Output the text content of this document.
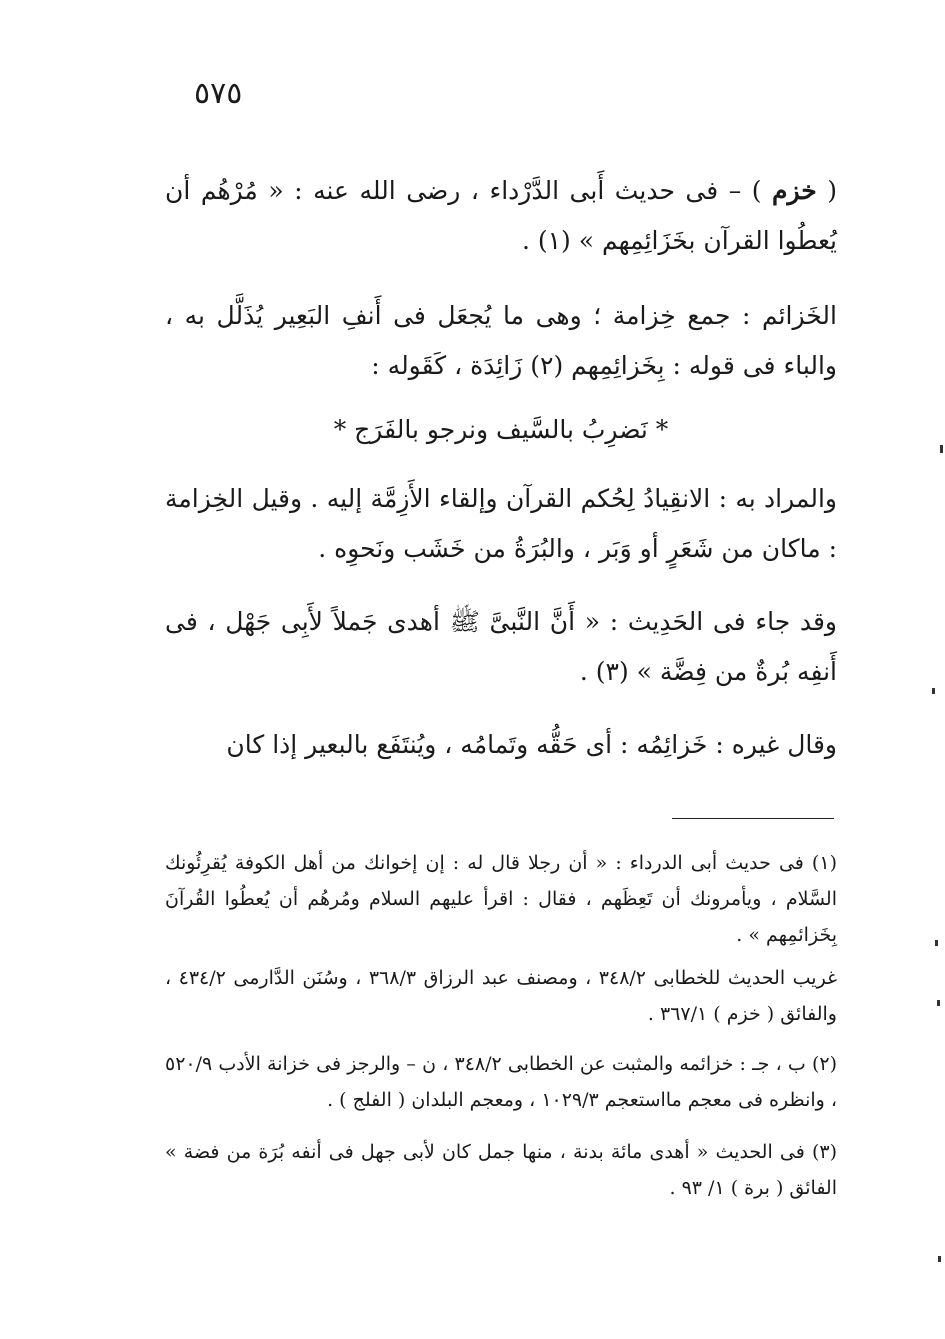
٥٧٥

( خزم ) – فى حديث أَبى الدَّرْداء ، رضى الله عنه : « مُرْهُم أن يُعطُوا القرآن بخَزَائِمِهم » (١) .

الخَزائم : جمع خِزامة ؛ وهى ما يُجعَل فى أَنفِ البَعِير يُذَلَّل به ، والباء فى قوله : بِخَزائِمِهم (٢) زَائِدَة ، كَقَوله :

* نَضرِبُ بالسَّيف ونرجو بالفَرَج *

والمراد به : الانقِيادُ لِحُكم القرآن وإلقاء الأَزِمَّة إليه . وقيل الخِزامة : ماكان من شَعَرٍ أو وَبَر ، والبُرَةُ من خَشَب ونَحوِه .

وقد جاء فى الحَدِيث : « أَنَّ النَّبىَّ ﷺ أهدى جَملاً لأَبِى جَهْل ، فى أَنفِه بُرةٌ من فِضَّة » (٣) .

وقال غيره : خَزائِمُه : أى حَقُّه وتَمامُه ، ويُنتَفَع بالبعير إذا كان

(١) فى حديث أبى الدرداء : « أن رجلا قال له : إن إخوانك من أهل الكوفة يُقرِئُونك السَّلام ، ويأمرونك أن تَعِظَهم ، فقال : اقرأ عليهم السلام ومُرهُم أن يُعطُوا القُرآنَ بِخَزائمِهم » .

غريب الحديث للخطابى ٣٤٨/٢ ، ومصنف عبد الرزاق ٣٦٨/٣ ، وسُنَن الدَّارمى ٤٣٤/٢ ، والفائق ( خزم ) ٣٦٧/١ .

(٢) ب ، جـ : خزائمه والمثبت عن الخطابى ٣٤٨/٢ ، ن – والرجز فى خزانة الأدب ٥٢٠/٩ ، وانظره فى معجم مااستعجم ١٠٢٩/٣ ، ومعجم البلدان ( الفلج ) .

(٣) فى الحديث « أهدى مائة بدنة ، منها جمل كان لأبى جهل فى أنفه بُرَة من فضة » الفائق ( برة ) ١/ ٩٣ .
